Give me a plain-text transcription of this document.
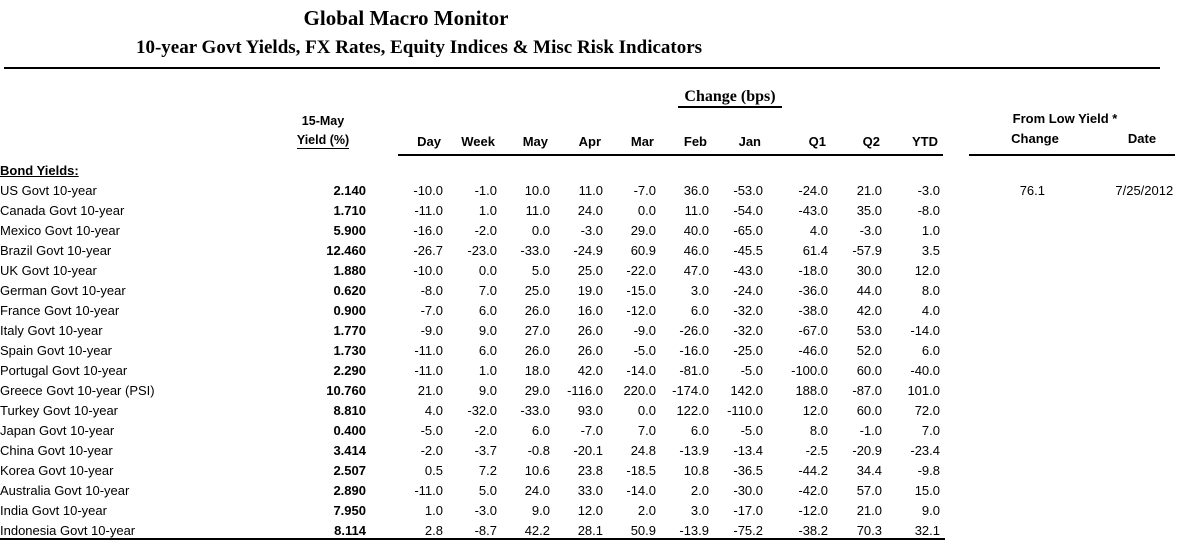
Global Macro Monitor
10-year Govt Yields, FX Rates, Equity Indices & Misc Risk Indicators
Change (bps)
15-May
Yield (%)
From Low Yield *
Change	Date
Day	Week	May	Apr	Mar	Feb	Jan	Q1	Q2	YTD
Bond Yields:														
US Govt 10-year	2.140	-10.0	-1.0	10.0	11.0	-7.0	36.0	-53.0	-24.0	21.0	-3.0		76.1	7/25/2012
Canada Govt 10-year	1.710	-11.0	1.0	11.0	24.0	0.0	11.0	-54.0	-43.0	35.0	-8.0			
Mexico Govt 10-year	5.900	-16.0	-2.0	0.0	-3.0	29.0	40.0	-65.0	4.0	-3.0	1.0			
Brazil Govt 10-year	12.460	-26.7	-23.0	-33.0	-24.9	60.9	46.0	-45.5	61.4	-57.9	3.5			
UK Govt 10-year	1.880	-10.0	0.0	5.0	25.0	-22.0	47.0	-43.0	-18.0	30.0	12.0			
German Govt 10-year	0.620	-8.0	7.0	25.0	19.0	-15.0	3.0	-24.0	-36.0	44.0	8.0			
France Govt 10-year	0.900	-7.0	6.0	26.0	16.0	-12.0	6.0	-32.0	-38.0	42.0	4.0			
Italy Govt 10-year	1.770	-9.0	9.0	27.0	26.0	-9.0	-26.0	-32.0	-67.0	53.0	-14.0			
Spain Govt 10-year	1.730	-11.0	6.0	26.0	26.0	-5.0	-16.0	-25.0	-46.0	52.0	6.0			
Portugal Govt 10-year	2.290	-11.0	1.0	18.0	42.0	-14.0	-81.0	-5.0	-100.0	60.0	-40.0			
Greece Govt 10-year (PSI)	10.760	21.0	9.0	29.0	-116.0	220.0	-174.0	142.0	188.0	-87.0	101.0			
Turkey Govt 10-year	8.810	4.0	-32.0	-33.0	93.0	0.0	122.0	-110.0	12.0	60.0	72.0			
Japan Govt 10-year	0.400	-5.0	-2.0	6.0	-7.0	7.0	6.0	-5.0	8.0	-1.0	7.0			
China Govt 10-year	3.414	-2.0	-3.7	-0.8	-20.1	24.8	-13.9	-13.4	-2.5	-20.9	-23.4			
Korea Govt 10-year	2.507	0.5	7.2	10.6	23.8	-18.5	10.8	-36.5	-44.2	34.4	-9.8			
Australia Govt 10-year	2.890	-11.0	5.0	24.0	33.0	-14.0	2.0	-30.0	-42.0	57.0	15.0			
India Govt 10-year	7.950	1.0	-3.0	9.0	12.0	2.0	3.0	-17.0	-12.0	21.0	9.0			
Indonesia Govt 10-year	8.114	2.8	-8.7	42.2	28.1	50.9	-13.9	-75.2	-38.2	70.3	32.1			
